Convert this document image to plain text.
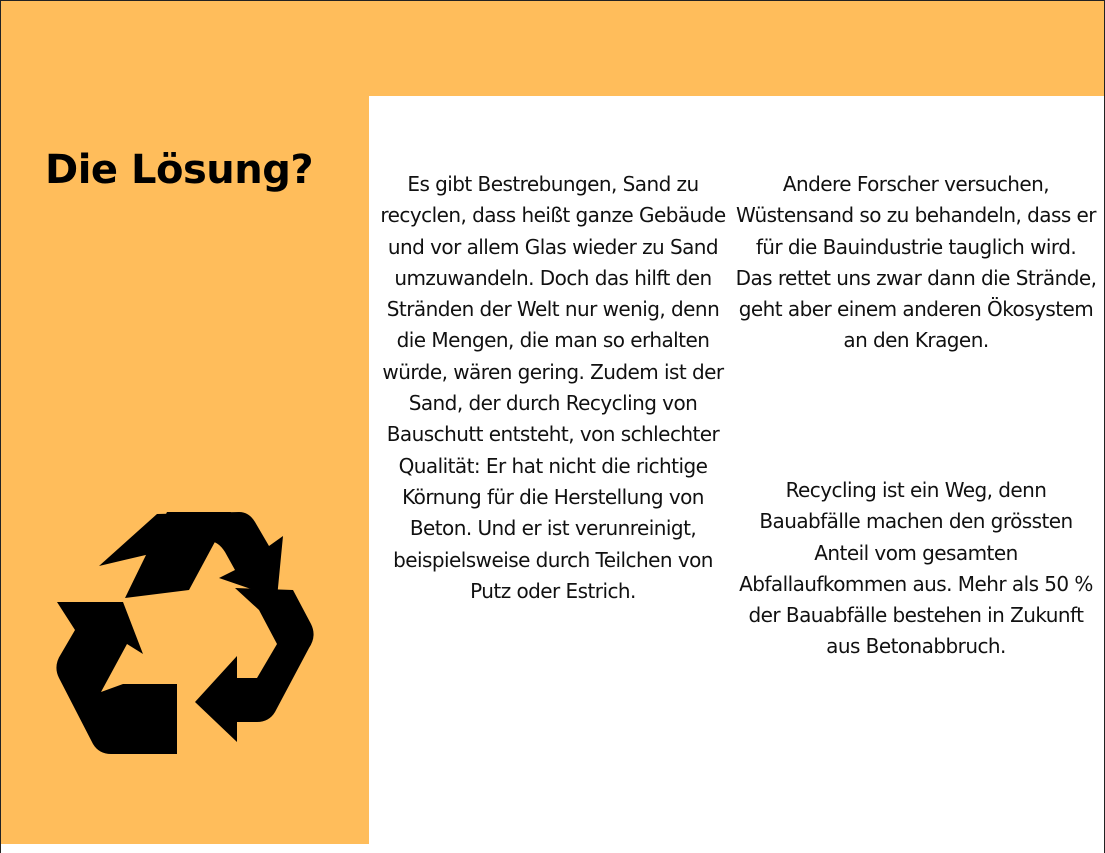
Die Lösung?	Es gibt Bestrebungen, Sand zu recyclen, dass heißt ganze Gebäude und vor allem Glas wieder zu Sand umzuwandeln. Doch das hilft den Stränden der Welt nur wenig, denn die Mengen, die man so erhalten würde, wären gering. Zudem ist der Sand, der durch Recycling von Bauschutt entsteht, von schlechter Qualität: Er hat nicht die richtige Körnung für die Herstellung von Beton. Und er ist verunreinigt, beispielsweise durch Teilchen von Putz oder Estrich.

Andere Forscher versuchen, Wüstensand so zu behandeln, dass er für die Bauindustrie tauglich wird. Das rettet uns zwar dann die Strände, geht aber einem anderen Ökosystem an den Kragen.

Recycling ist ein Weg, denn Bauabfälle machen den grössten Anteil vom gesamten Abfallaufkommen aus. Mehr als 50 % der Bauabfälle bestehen in Zukunft aus Betonabbruch.
